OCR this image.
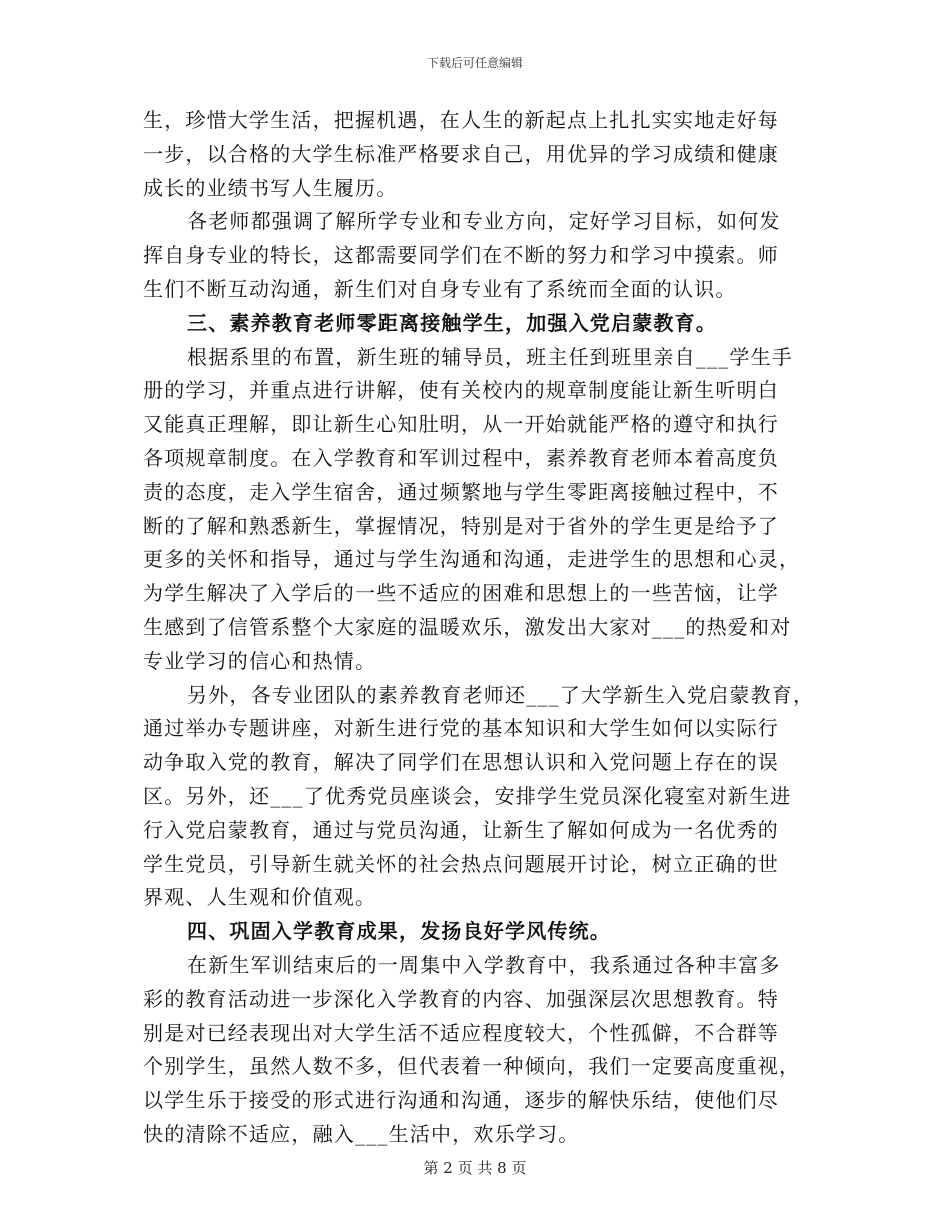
下载后可任意编辑
生，珍惜大学生活，把握机遇，在人生的新起点上扎扎实实地走好每
一步，以合格的大学生标准严格要求自己，用优异的学习成绩和健康
成长的业绩书写人生履历。
各老师都强调了解所学专业和专业方向，定好学习目标，如何发
挥自身专业的特长，这都需要同学们在不断的努力和学习中摸索。师
生们不断互动沟通，新生们对自身专业有了系统而全面的认识。
三、素养教育老师零距离接触学生，加强入党启蒙教育。
根据系里的布置，新生班的辅导员，班主任到班里亲自___学生手
册的学习，并重点进行讲解，使有关校内的规章制度能让新生听明白
又能真正理解，即让新生心知肚明，从一开始就能严格的遵守和执行
各项规章制度。在入学教育和军训过程中，素养教育老师本着高度负
责的态度，走入学生宿舍，通过频繁地与学生零距离接触过程中，不
断的了解和熟悉新生，掌握情况，特别是对于省外的学生更是给予了
更多的关怀和指导，通过与学生沟通和沟通，走进学生的思想和心灵，
为学生解决了入学后的一些不适应的困难和思想上的一些苦恼，让学
生感到了信管系整个大家庭的温暖欢乐，激发出大家对___的热爱和对
专业学习的信心和热情。
另外，各专业团队的素养教育老师还___了大学新生入党启蒙教育，
通过举办专题讲座，对新生进行党的基本知识和大学生如何以实际行
动争取入党的教育，解决了同学们在思想认识和入党问题上存在的误
区。另外，还___了优秀党员座谈会，安排学生党员深化寝室对新生进
行入党启蒙教育，通过与党员沟通，让新生了解如何成为一名优秀的
学生党员，引导新生就关怀的社会热点问题展开讨论，树立正确的世
界观、人生观和价值观。
四、巩固入学教育成果，发扬良好学风传统。
在新生军训结束后的一周集中入学教育中，我系通过各种丰富多
彩的教育活动进一步深化入学教育的内容、加强深层次思想教育。特
别是对已经表现出对大学生活不适应程度较大，个性孤僻，不合群等
个别学生，虽然人数不多，但代表着一种倾向，我们一定要高度重视，
以学生乐于接受的形式进行沟通和沟通，逐步的解快乐结，使他们尽
快的清除不适应，融入___生活中，欢乐学习。
第 2 页 共 8 页
